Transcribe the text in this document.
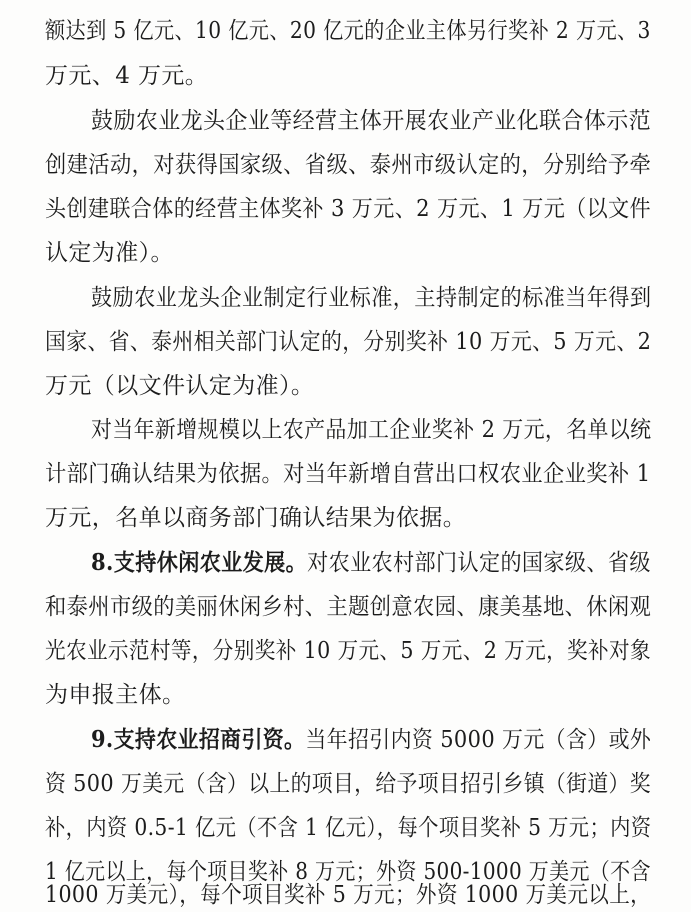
额达到 5 亿元、10 亿元、20 亿元的企业主体另行奖补 2 万元、3
万元、4 万元。
鼓励农业龙头企业等经营主体开展农业产业化联合体示范
创建活动，对获得国家级、省级、泰州市级认定的，分别给予牵
头创建联合体的经营主体奖补 3 万元、2 万元、1 万元（以文件
认定为准）。
鼓励农业龙头企业制定行业标准，主持制定的标准当年得到
国家、省、泰州相关部门认定的，分别奖补 10 万元、5 万元、2
万元（以文件认定为准）。
对当年新增规模以上农产品加工企业奖补 2 万元，名单以统
计部门确认结果为依据。对当年新增自营出口权农业企业奖补 1
万元，名单以商务部门确认结果为依据。
8.支持休闲农业发展。对农业农村部门认定的国家级、省级
和泰州市级的美丽休闲乡村、主题创意农园、康美基地、休闲观
光农业示范村等，分别奖补 10 万元、5 万元、2 万元，奖补对象
为申报主体。
9.支持农业招商引资。当年招引内资 5000 万元（含）或外
资 500 万美元（含）以上的项目，给予项目招引乡镇（街道）奖
补，内资 0.5-1 亿元（不含 1 亿元），每个项目奖补 5 万元；内资
1 亿元以上，每个项目奖补 8 万元；外资 500-1000 万美元（不含
1000 万美元），每个项目奖补 5 万元；外资 1000 万美元以上，
